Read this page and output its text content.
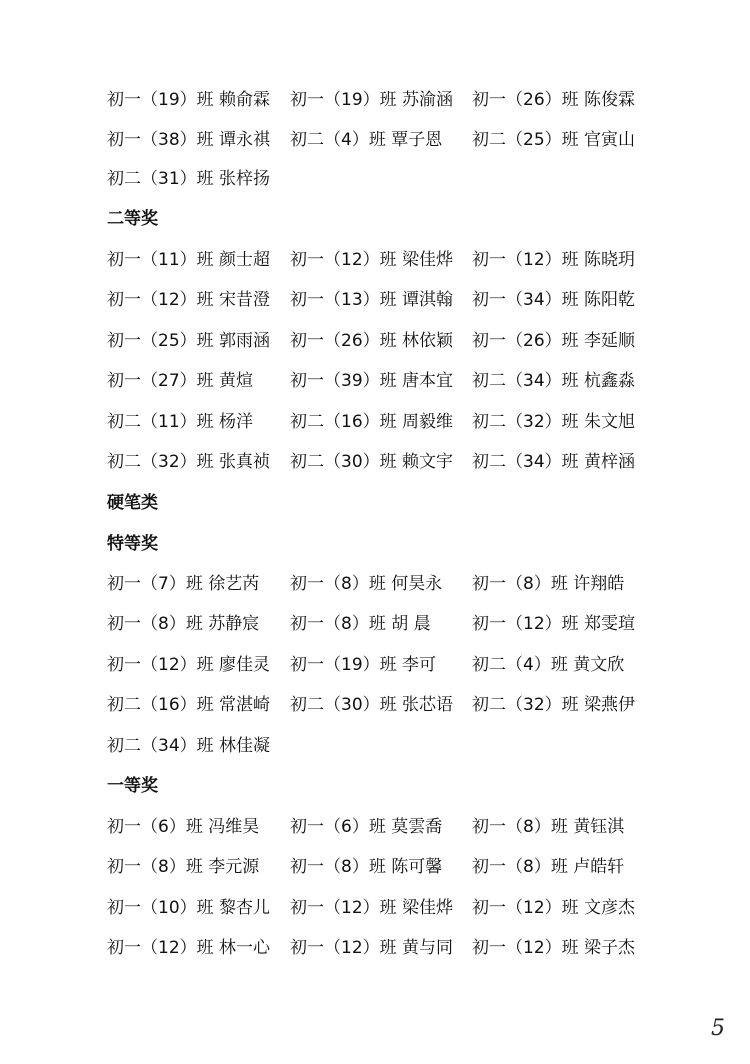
初一（19）班 赖俞霖 初一（19）班 苏渝涵 初一（26）班 陈俊霖
初一（38）班 谭永祺 初二（4）班 覃子恩 初二（25）班 官寅山
初二（31）班 张梓扬
二等奖
初一（11）班 颜士超 初一（12）班 梁佳烨 初一（12）班 陈晓玥
初一（12）班 宋昔澄 初一（13）班 谭淇翰 初一（34）班 陈阳乾
初一（25）班 郭雨涵 初一（26）班 林依颖 初一（26）班 李延顺
初一（27）班 黄煊 初一（39）班 唐本宜 初二（34）班 杭鑫淼
初二（11）班 杨洋 初二（16）班 周毅维 初二（32）班 朱文旭
初二（32）班 张真祯 初二（30）班 赖文宇 初二（34）班 黄梓涵
硬笔类
特等奖
初一（7）班 徐艺芮 初一（8）班 何昊永 初一（8）班 许翔皓
初一（8）班 苏静宸 初一（8）班 胡 晨 初一（12）班 郑雯瑄
初一（12）班 廖佳灵 初一（19）班 李可 初二（4）班 黄文欣
初二（16）班 常湛崎 初二（30）班 张芯语 初二（32）班 梁燕伊
初二（34）班 林佳凝
一等奖
初一（6）班 冯维昊 初一（6）班 莫雲喬 初一（8）班 黄钰淇
初一（8）班 李元源 初一（8）班 陈可馨 初一（8）班 卢皓轩
初一（10）班 黎杏儿 初一（12）班 梁佳烨 初一（12）班 文彦杰
初一（12）班 林一心 初一（12）班 黄与同 初一（12）班 梁子杰
5
